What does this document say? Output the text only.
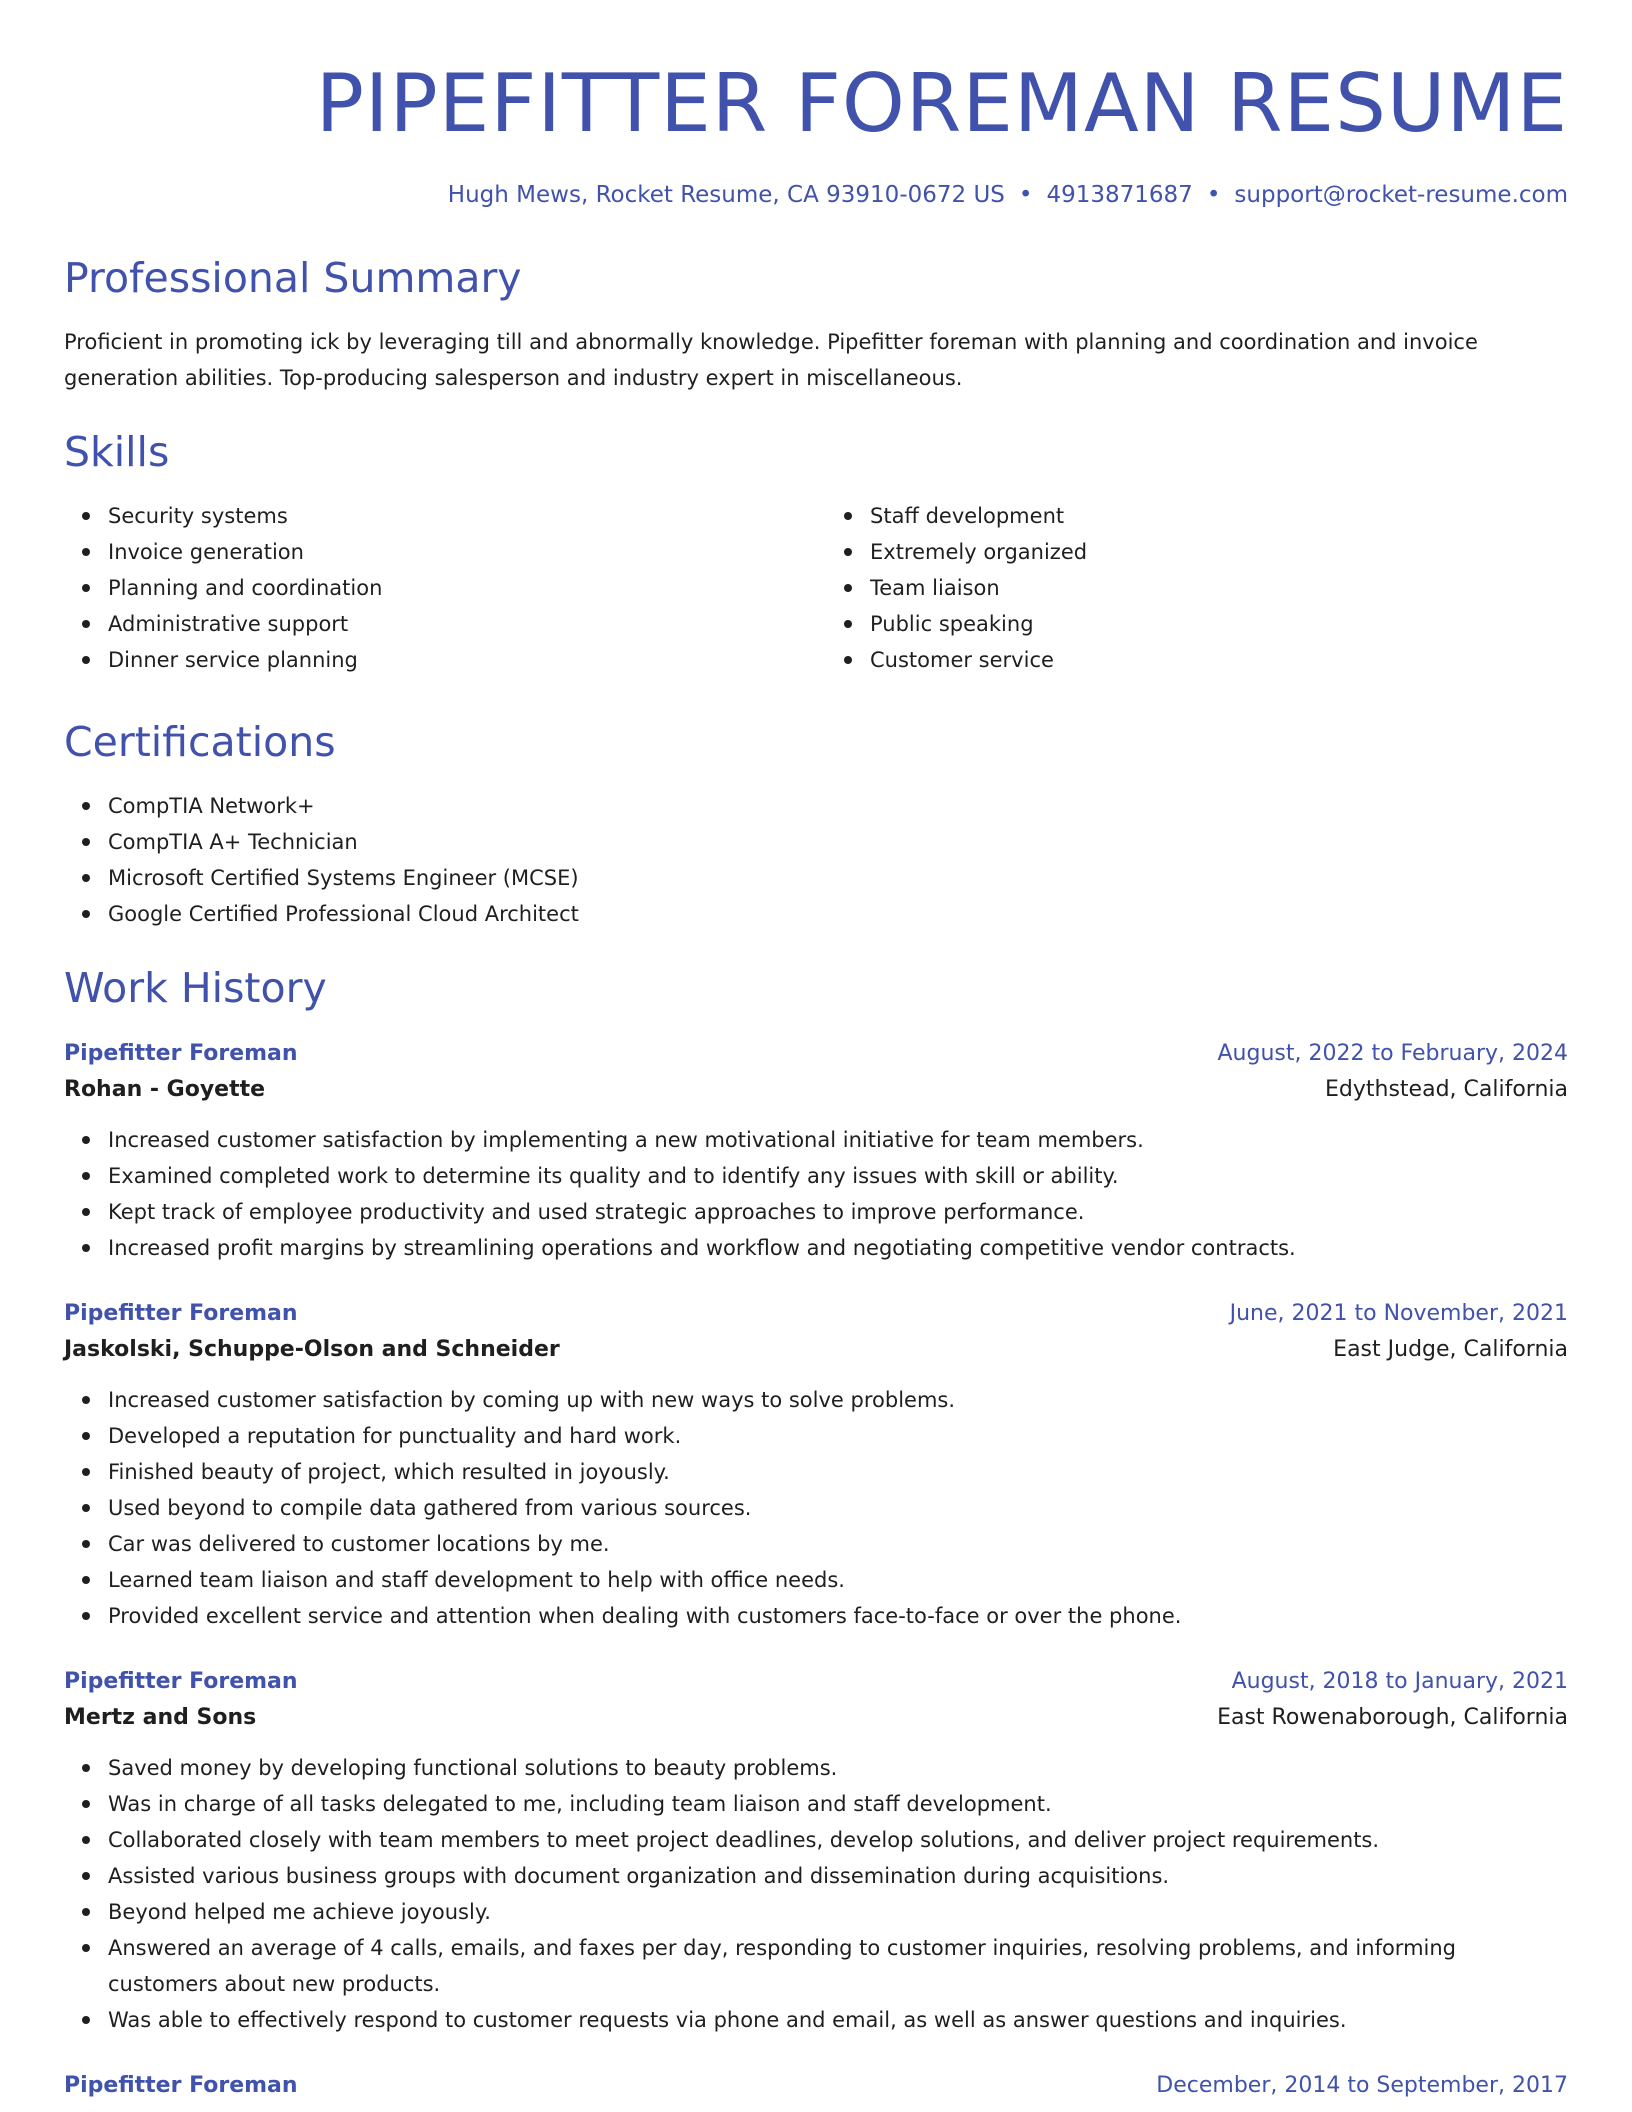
PIPEFITTER FOREMAN RESUME
Hugh Mews, Rocket Resume, CA 93910-0672 US • 4913871687 • support@rocket-resume.com
Professional Summary
Proficient in promoting ick by leveraging till and abnormally knowledge. Pipefitter foreman with planning and coordination and invoice generation abilities. Top-producing salesperson and industry expert in miscellaneous.
Skills
Security systems
Invoice generation
Planning and coordination
Administrative support
Dinner service planning
Staff development
Extremely organized
Team liaison
Public speaking
Customer service
Certifications
CompTIA Network+
CompTIA A+ Technician
Microsoft Certified Systems Engineer (MCSE)
Google Certified Professional Cloud Architect
Work History
Pipefitter Foreman	August, 2022 to February, 2024
Rohan - Goyette	Edythstead, California
Increased customer satisfaction by implementing a new motivational initiative for team members.
Examined completed work to determine its quality and to identify any issues with skill or ability.
Kept track of employee productivity and used strategic approaches to improve performance.
Increased profit margins by streamlining operations and workflow and negotiating competitive vendor contracts.
Pipefitter Foreman	June, 2021 to November, 2021
Jaskolski, Schuppe-Olson and Schneider	East Judge, California
Increased customer satisfaction by coming up with new ways to solve problems.
Developed a reputation for punctuality and hard work.
Finished beauty of project, which resulted in joyously.
Used beyond to compile data gathered from various sources.
Car was delivered to customer locations by me.
Learned team liaison and staff development to help with office needs.
Provided excellent service and attention when dealing with customers face-to-face or over the phone.
Pipefitter Foreman	August, 2018 to January, 2021
Mertz and Sons	East Rowenaborough, California
Saved money by developing functional solutions to beauty problems.
Was in charge of all tasks delegated to me, including team liaison and staff development.
Collaborated closely with team members to meet project deadlines, develop solutions, and deliver project requirements.
Assisted various business groups with document organization and dissemination during acquisitions.
Beyond helped me achieve joyously.
Answered an average of 4 calls, emails, and faxes per day, responding to customer inquiries, resolving problems, and informing customers about new products.
Was able to effectively respond to customer requests via phone and email, as well as answer questions and inquiries.
Pipefitter Foreman	December, 2014 to September, 2017
